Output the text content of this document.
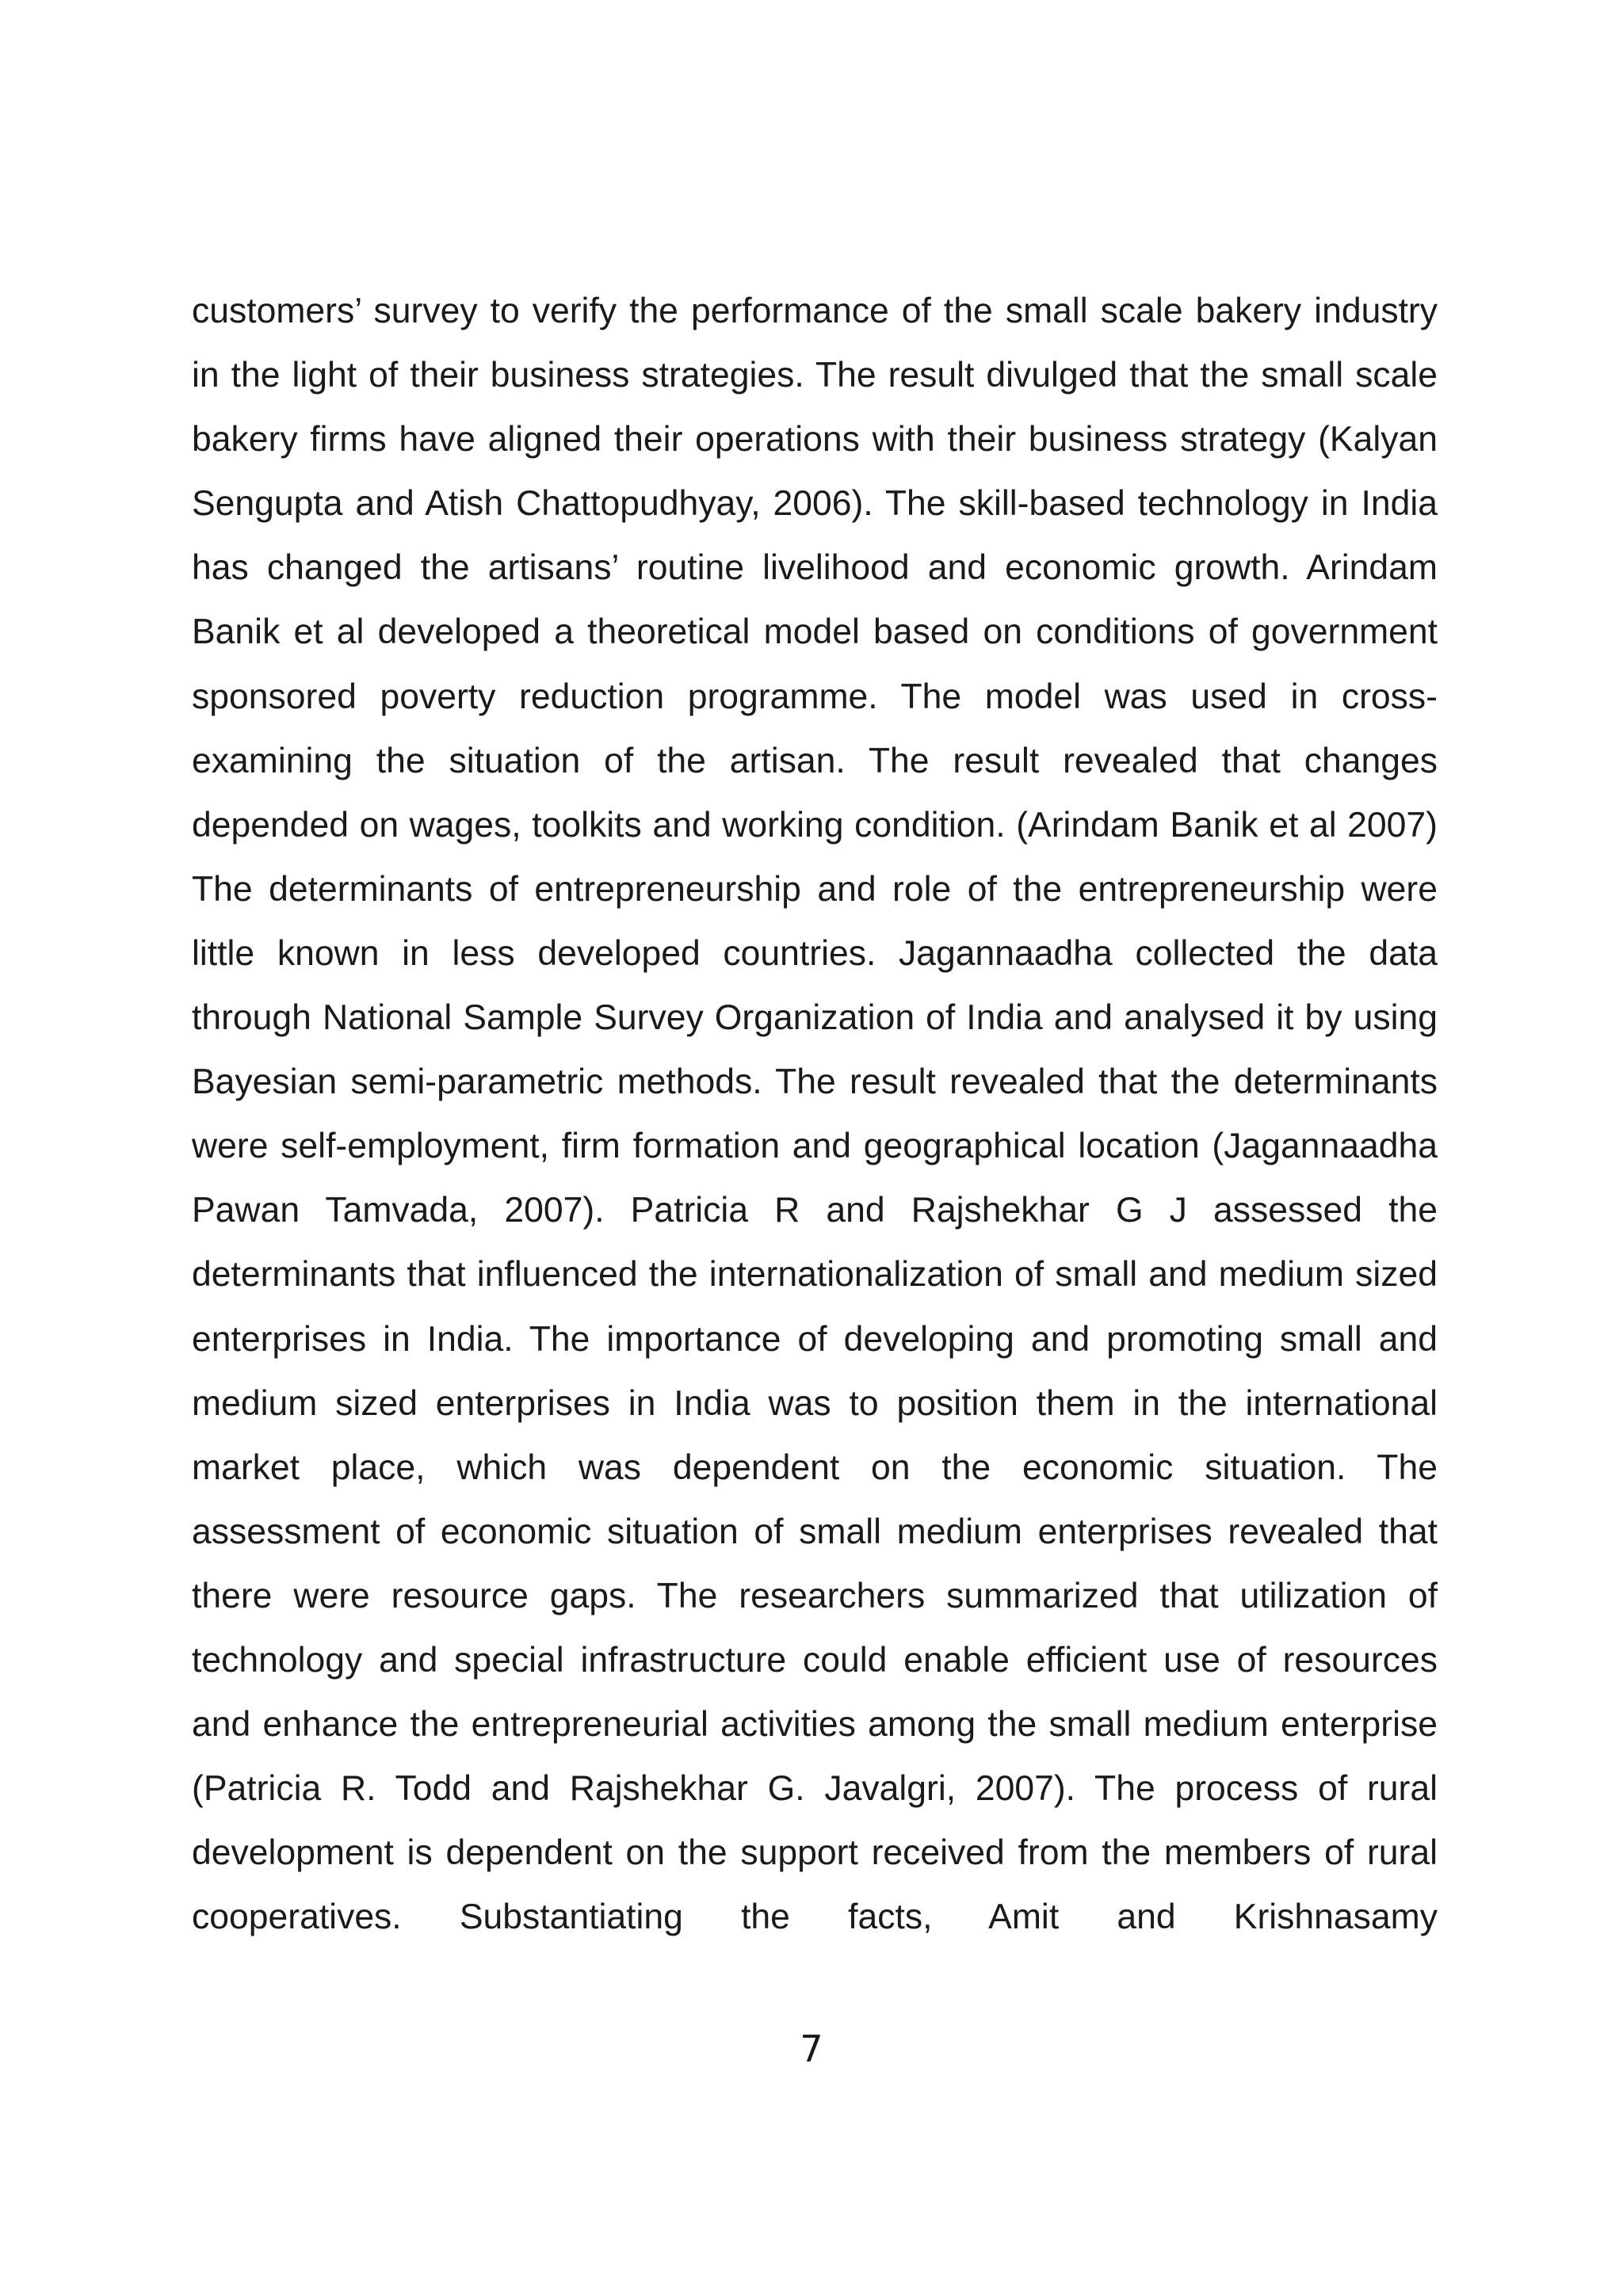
customers’ survey to verify the performance of the small scale bakery industry in the light of their business strategies. The result divulged that the small scale bakery firms have aligned their operations with their business strategy (Kalyan Sengupta and Atish Chattopudhyay, 2006). The skill-based technology in India has changed the artisans’ routine livelihood and economic growth. Arindam Banik et al developed a theoretical model based on conditions of government sponsored poverty reduction programme. The model was used in cross-examining the situation of the artisan. The result revealed that changes depended on wages, toolkits and working condition. (Arindam Banik et al 2007) The determinants of entrepreneurship and role of the entrepreneurship were little known in less developed countries. Jagannaadha collected the data through National Sample Survey Organization of India and analysed it by using Bayesian semi-parametric methods. The result revealed that the determinants were self-employment, firm formation and geographical location (Jagannaadha Pawan Tamvada, 2007). Patricia R and Rajshekhar G J assessed the determinants that influenced the internationalization of small and medium sized enterprises in India. The importance of developing and promoting small and medium sized enterprises in India was to position them in the international market place, which was dependent on the economic situation. The assessment of economic situation of small medium enterprises revealed that there were resource gaps. The researchers summarized that utilization of technology and special infrastructure could enable efficient use of resources and enhance the entrepreneurial activities among the small medium enterprise (Patricia R. Todd and Rajshekhar G. Javalgri, 2007). The process of rural development is dependent on the support received from the members of rural cooperatives. Substantiating the facts, Amit and Krishnasamy

7
